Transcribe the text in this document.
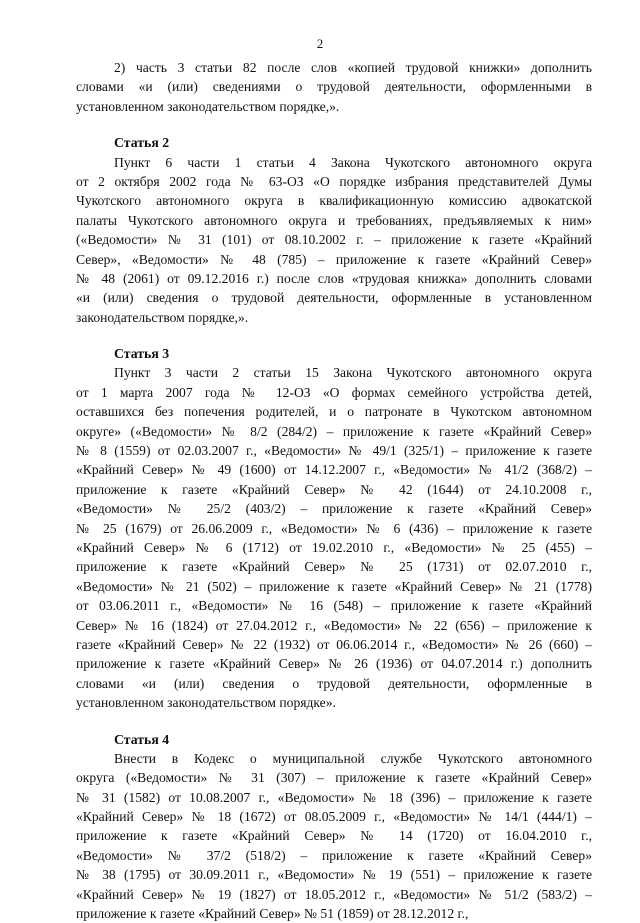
2
2) часть 3 статьи 82 после слов «копией трудовой книжки» дополнить
словами «и (или) сведениями о трудовой деятельности, оформленными в
установленном законодательством порядке,».
Статья 2
Пункт 6 части 1 статьи 4 Закона Чукотского автономного округа
от 2 октября 2002 года № 63-ОЗ «О порядке избрания представителей Думы
Чукотского автономного округа в квалификационную комиссию адвокатской
палаты Чукотского автономного округа и требованиях, предъявляемых к ним»
(«Ведомости» № 31 (101) от 08.10.2002 г. – приложение к газете «Крайний
Север», «Ведомости» № 48 (785) – приложение к газете «Крайний Север»
№ 48 (2061) от 09.12.2016 г.) после слов «трудовая книжка» дополнить словами
«и (или) сведения о трудовой деятельности, оформленные в установленном
законодательством порядке,».
Статья 3
Пункт 3 части 2 статьи 15 Закона Чукотского автономного округа
от 1 марта 2007 года № 12-ОЗ «О формах семейного устройства детей,
оставшихся без попечения родителей, и о патронате в Чукотском автономном
округе» («Ведомости» № 8/2 (284/2) – приложение к газете «Крайний Север»
№ 8 (1559) от 02.03.2007 г., «Ведомости» № 49/1 (325/1) – приложение к газете
«Крайний Север» № 49 (1600) от 14.12.2007 г., «Ведомости» № 41/2 (368/2) –
приложение к газете «Крайний Север» № 42 (1644) от 24.10.2008 г.,
«Ведомости» № 25/2 (403/2) – приложение к газете «Крайний Север»
№ 25 (1679) от 26.06.2009 г., «Ведомости» № 6 (436) – приложение к газете
«Крайний Север» № 6 (1712) от 19.02.2010 г., «Ведомости» № 25 (455) –
приложение к газете «Крайний Север» № 25 (1731) от 02.07.2010 г.,
«Ведомости» № 21 (502) – приложение к газете «Крайний Север» № 21 (1778)
от 03.06.2011 г., «Ведомости» № 16 (548) – приложение к газете «Крайний
Север» № 16 (1824) от 27.04.2012 г., «Ведомости» № 22 (656) – приложение к
газете «Крайний Север» № 22 (1932) от 06.06.2014 г., «Ведомости» № 26 (660) –
приложение к газете «Крайний Север» № 26 (1936) от 04.07.2014 г.) дополнить
словами «и (или) сведения о трудовой деятельности, оформленные в
установленном законодательством порядке».
Статья 4
Внести в Кодекс о муниципальной службе Чукотского автономного
округа («Ведомости» № 31 (307) – приложение к газете «Крайний Север»
№ 31 (1582) от 10.08.2007 г., «Ведомости» № 18 (396) – приложение к газете
«Крайний Север» № 18 (1672) от 08.05.2009 г., «Ведомости» № 14/1 (444/1) –
приложение к газете «Крайний Север» № 14 (1720) от 16.04.2010 г.,
«Ведомости» № 37/2 (518/2) – приложение к газете «Крайний Север»
№ 38 (1795) от 30.09.2011 г., «Ведомости» № 19 (551) – приложение к газете
«Крайний Север» № 19 (1827) от 18.05.2012 г., «Ведомости» № 51/2 (583/2) –
приложение к газете «Крайний Север» № 51 (1859) от 28.12.2012 г.,
